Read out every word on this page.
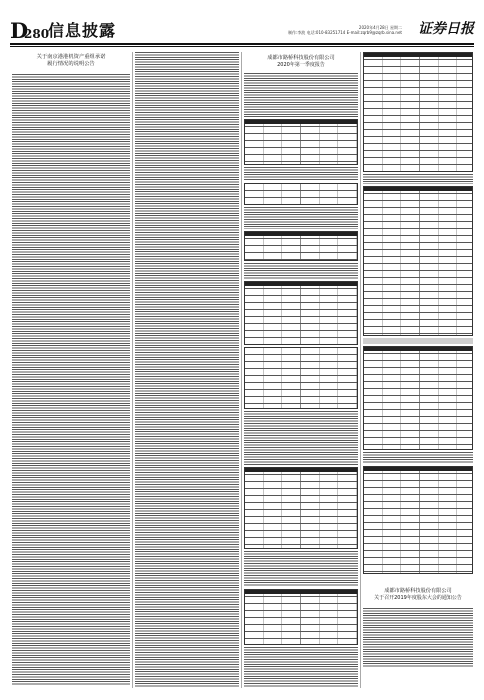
D
280
信息披露	2020年4月28日 星期二
制作:李波 电话:010-83251714 E-mail:zqrb9@zqrb.sina.net 证券日报
关于南京港港机资产重组承诺
履行情况的说明公告
成都市路桥科技股份有限公司
2020年第一季度报告
成都市路桥科技股份有限公司
关于召开2019年度股东大会的通知公告
